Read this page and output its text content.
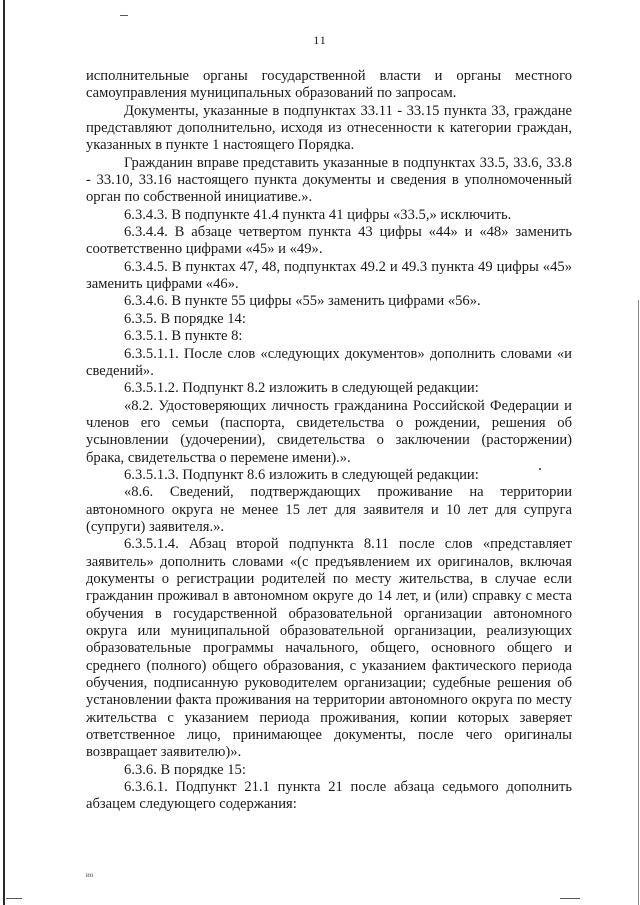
11

исполнительные органы государственной власти и органы местного самоуправления муниципальных образований по запросам.

Документы, указанные в подпунктах 33.11 - 33.15 пункта 33, граждане представляют дополнительно, исходя из отнесенности к категории граждан, указанных в пункте 1 настоящего Порядка.

Гражданин вправе представить указанные в подпунктах 33.5, 33.6, 33.8 - 33.10, 33.16 настоящего пункта документы и сведения в уполномоченный орган по собственной инициативе.».

6.3.4.3. В подпункте 41.4 пункта 41 цифры «33.5,» исключить.

6.3.4.4. В абзаце четвертом пункта 43 цифры «44» и «48» заменить соответственно цифрами «45» и «49».

6.3.4.5. В пунктах 47, 48, подпунктах 49.2 и 49.3 пункта 49 цифры «45» заменить цифрами «46».

6.3.4.6. В пункте 55 цифры «55» заменить цифрами «56».

6.3.5. В порядке 14:

6.3.5.1. В пункте 8:

6.3.5.1.1. После слов «следующих документов» дополнить словами «и сведений».

6.3.5.1.2. Подпункт 8.2 изложить в следующей редакции:

«8.2. Удостоверяющих личность гражданина Российской Федерации и членов его семьи (паспорта, свидетельства о рождении, решения об усыновлении (удочерении), свидетельства о заключении (расторжении) брака, свидетельства о перемене имени).».

6.3.5.1.3. Подпункт 8.6 изложить в следующей редакции:

«8.6. Сведений, подтверждающих проживание на территории автономного округа не менее 15 лет для заявителя и 10 лет для супруга (супруги) заявителя.».

6.3.5.1.4. Абзац второй подпункта 8.11 после слов «представляет заявитель» дополнить словами «(с предъявлением их оригиналов, включая документы о регистрации родителей по месту жительства, в случае если гражданин проживал в автономном округе до 14 лет, и (или) справку с места обучения в государственной образовательной организации автономного округа или муниципальной образовательной организации, реализующих образовательные программы начального, общего, основного общего и среднего (полного) общего образования, с указанием фактического периода обучения, подписанную руководителем организации; судебные решения об установлении факта проживания на территории автономного округа по месту жительства с указанием периода проживания, копии которых заверяет ответственное лицо, принимающее документы, после чего оригиналы возвращает заявителю)».

6.3.6. В порядке 15:

6.3.6.1. Подпункт 21.1 пункта 21 после абзаца седьмого дополнить абзацем следующего содержания:

ио
